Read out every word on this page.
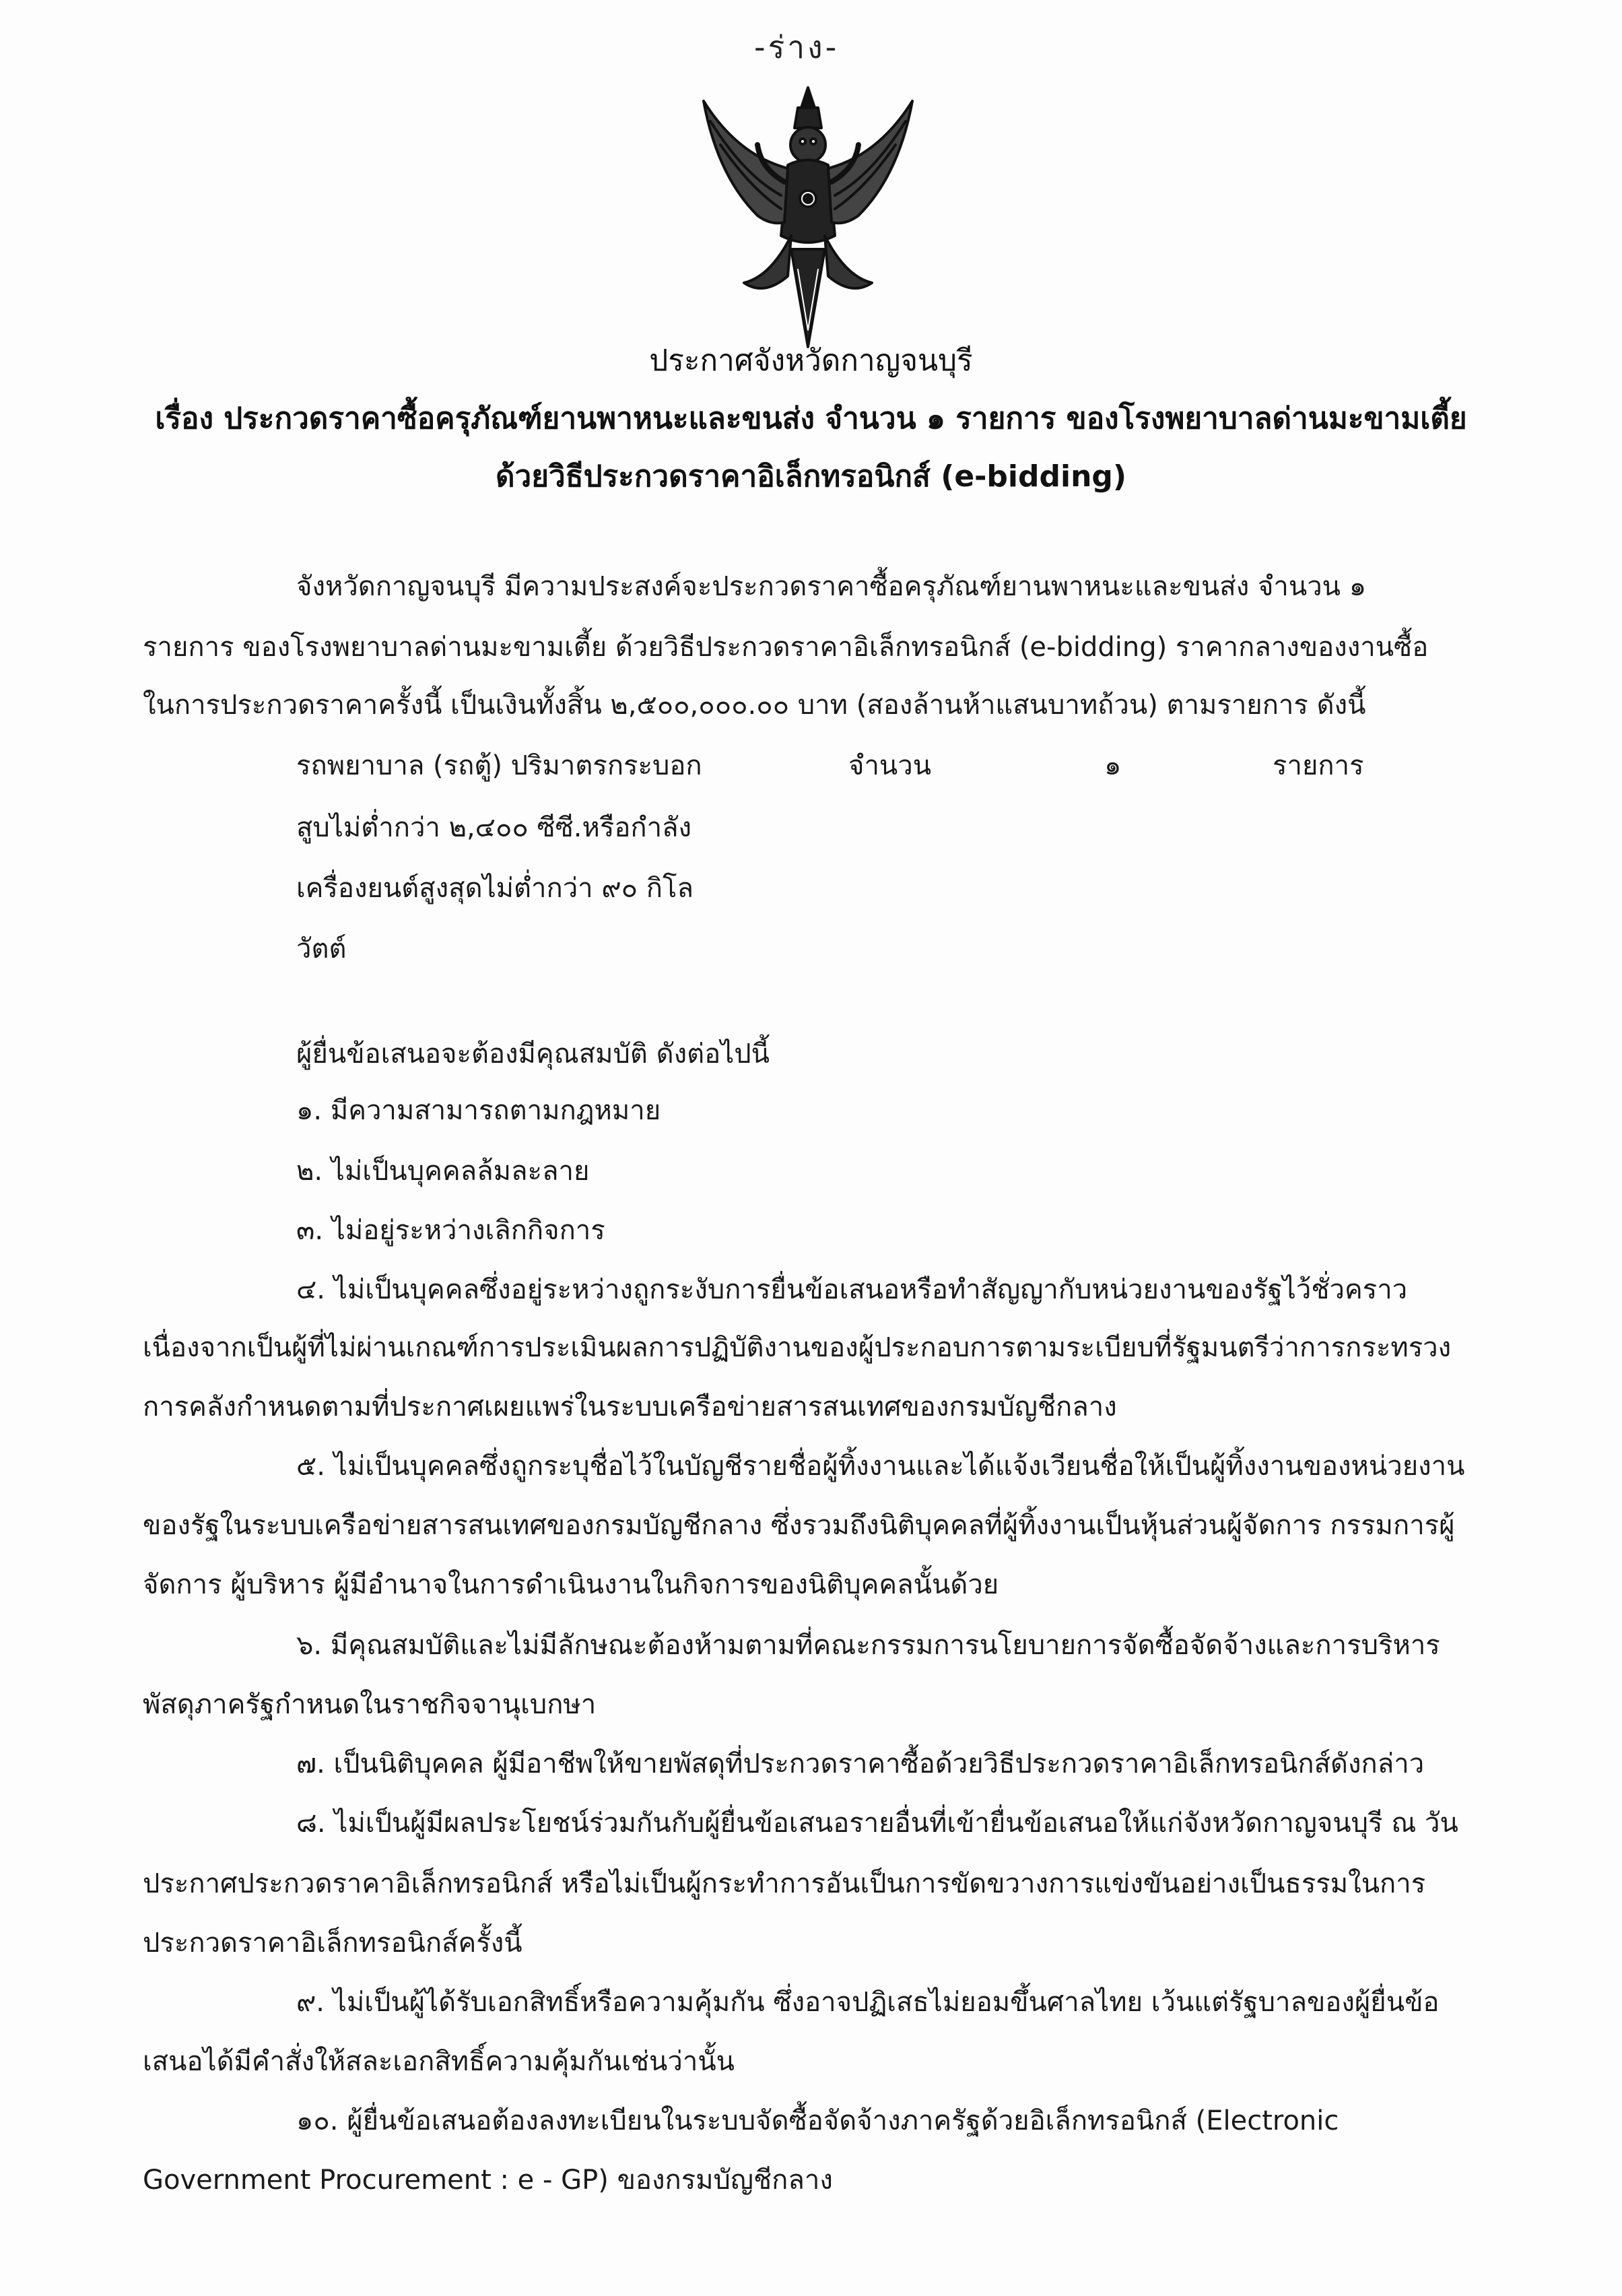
-ร่าง-
ประกาศจังหวัดกาญจนบุรี
เรื่อง ประกวดราคาซื้อครุภัณฑ์ยานพาหนะและขนส่ง จำนวน ๑ รายการ ของโรงพยาบาลด่านมะขามเตี้ย
ด้วยวิธีประกวดราคาอิเล็กทรอนิกส์ (e-bidding)
จังหวัดกาญจนบุรี มีความประสงค์จะประกวดราคาซื้อครุภัณฑ์ยานพาหนะและขนส่ง จำนวน ๑
รายการ ของโรงพยาบาลด่านมะขามเตี้ย ด้วยวิธีประกวดราคาอิเล็กทรอนิกส์ (e-bidding) ราคากลางของงานซื้อ
ในการประกวดราคาครั้งนี้ เป็นเงินทั้งสิ้น ๒,๕๐๐,๐๐๐.๐๐ บาท (สองล้านห้าแสนบาทถ้วน) ตามรายการ ดังนี้
รถพยาบาล (รถตู้) ปริมาตรกระบอก
สูบไม่ต่ำกว่า ๒,๔๐๐ ซีซี.หรือกำลัง
เครื่องยนต์สูงสุดไม่ต่ำกว่า ๙๐ กิโล
วัตต์
จำนวน	๑	รายการ
ผู้ยื่นข้อเสนอจะต้องมีคุณสมบัติ ดังต่อไปนี้
๑. มีความสามารถตามกฎหมาย
๒. ไม่เป็นบุคคลล้มละลาย
๓. ไม่อยู่ระหว่างเลิกกิจการ
๔. ไม่เป็นบุคคลซึ่งอยู่ระหว่างถูกระงับการยื่นข้อเสนอหรือทำสัญญากับหน่วยงานของรัฐไว้ชั่วคราว
เนื่องจากเป็นผู้ที่ไม่ผ่านเกณฑ์การประเมินผลการปฏิบัติงานของผู้ประกอบการตามระเบียบที่รัฐมนตรีว่าการกระทรวง
การคลังกำหนดตามที่ประกาศเผยแพร่ในระบบเครือข่ายสารสนเทศของกรมบัญชีกลาง
๕. ไม่เป็นบุคคลซึ่งถูกระบุชื่อไว้ในบัญชีรายชื่อผู้ทิ้งงานและได้แจ้งเวียนชื่อให้เป็นผู้ทิ้งงานของหน่วยงาน
ของรัฐในระบบเครือข่ายสารสนเทศของกรมบัญชีกลาง ซึ่งรวมถึงนิติบุคคลที่ผู้ทิ้งงานเป็นหุ้นส่วนผู้จัดการ กรรมการผู้
จัดการ ผู้บริหาร ผู้มีอำนาจในการดำเนินงานในกิจการของนิติบุคคลนั้นด้วย
๖. มีคุณสมบัติและไม่มีลักษณะต้องห้ามตามที่คณะกรรมการนโยบายการจัดซื้อจัดจ้างและการบริหาร
พัสดุภาครัฐกำหนดในราชกิจจานุเบกษา
๗. เป็นนิติบุคคล ผู้มีอาชีพให้ขายพัสดุที่ประกวดราคาซื้อด้วยวิธีประกวดราคาอิเล็กทรอนิกส์ดังกล่าว
๘. ไม่เป็นผู้มีผลประโยชน์ร่วมกันกับผู้ยื่นข้อเสนอรายอื่นที่เข้ายื่นข้อเสนอให้แก่จังหวัดกาญจนบุรี ณ วัน
ประกาศประกวดราคาอิเล็กทรอนิกส์ หรือไม่เป็นผู้กระทำการอันเป็นการขัดขวางการแข่งขันอย่างเป็นธรรมในการ
ประกวดราคาอิเล็กทรอนิกส์ครั้งนี้
๙. ไม่เป็นผู้ได้รับเอกสิทธิ์หรือความคุ้มกัน ซึ่งอาจปฏิเสธไม่ยอมขึ้นศาลไทย เว้นแต่รัฐบาลของผู้ยื่นข้อ
เสนอได้มีคำสั่งให้สละเอกสิทธิ์ความคุ้มกันเช่นว่านั้น
๑๐. ผู้ยื่นข้อเสนอต้องลงทะเบียนในระบบจัดซื้อจัดจ้างภาครัฐด้วยอิเล็กทรอนิกส์ (Electronic
Government Procurement : e - GP) ของกรมบัญชีกลาง
